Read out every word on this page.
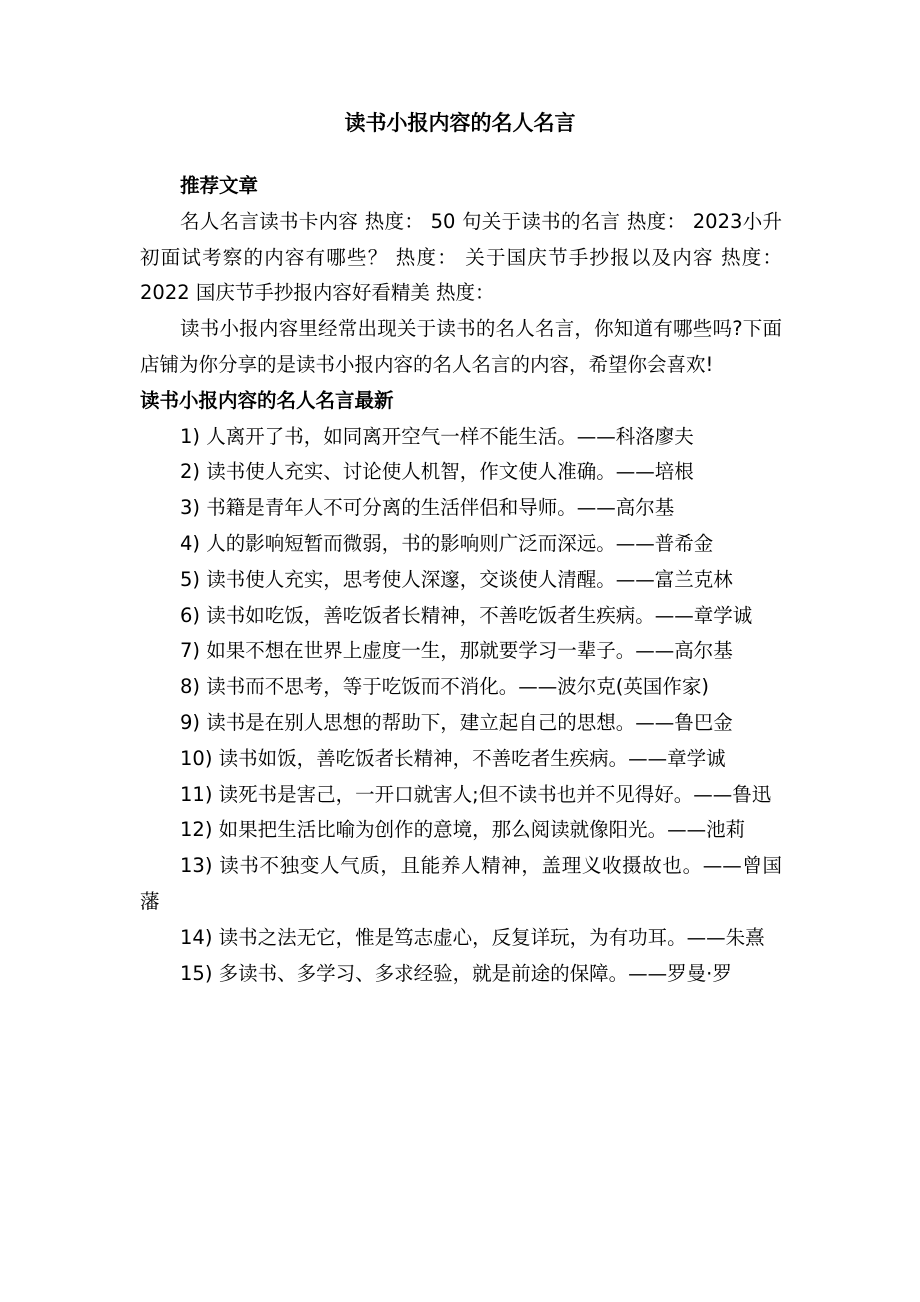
读书小报内容的名人名言

推荐文章

名人名言读书卡内容 热度： 50 句关于读书的名言 热度： 2023小升初面试考察的内容有哪些？ 热度： 关于国庆节手抄报以及内容 热度： 2022 国庆节手抄报内容好看精美 热度：

读书小报内容里经常出现关于读书的名人名言，你知道有哪些吗?下面店铺为你分享的是读书小报内容的名人名言的内容，希望你会喜欢!

读书小报内容的名人名言最新

1) 人离开了书，如同离开空气一样不能生活。——科洛廖夫

2) 读书使人充实、讨论使人机智，作文使人准确。——培根

3) 书籍是青年人不可分离的生活伴侣和导师。——高尔基

4) 人的影响短暂而微弱，书的影响则广泛而深远。——普希金

5) 读书使人充实，思考使人深邃，交谈使人清醒。——富兰克林

6) 读书如吃饭，善吃饭者长精神，不善吃饭者生疾病。——章学诚

7) 如果不想在世界上虚度一生，那就要学习一辈子。——高尔基

8) 读书而不思考，等于吃饭而不消化。——波尔克(英国作家)

9) 读书是在别人思想的帮助下，建立起自己的思想。——鲁巴金

10) 读书如饭，善吃饭者长精神，不善吃者生疾病。——章学诚

11) 读死书是害己，一开口就害人;但不读书也并不见得好。——鲁迅

12) 如果把生活比喻为创作的意境，那么阅读就像阳光。——池莉

13) 读书不独变人气质，且能养人精神，盖理义收摄故也。——曾国藩

14) 读书之法无它，惟是笃志虚心，反复详玩，为有功耳。——朱熹

15) 多读书、多学习、多求经验，就是前途的保障。——罗曼·罗
